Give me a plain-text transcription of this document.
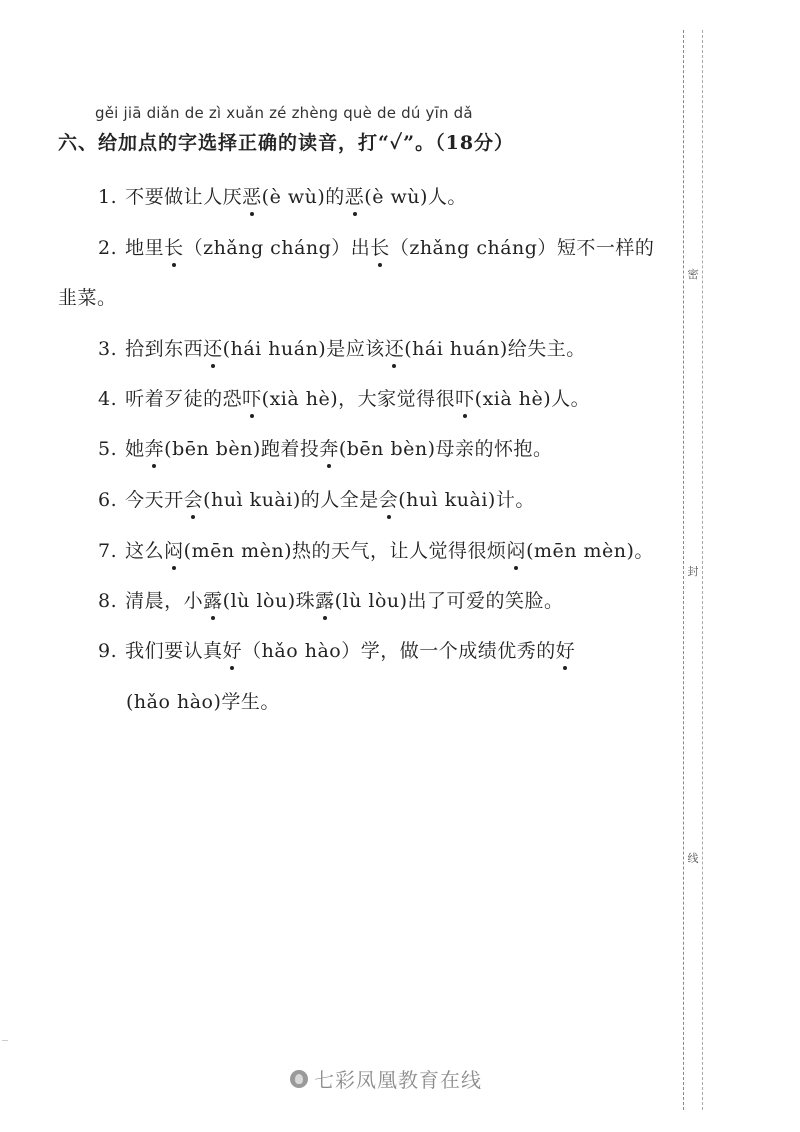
gěi jiā diǎn de zì xuǎn zé zhèng què de dú yīn dǎ
六、给加点的字选择正确的读音，打“✓”。（18分）
1. 不要做让人厌恶(è wù)的恶(è wù)人。
2. 地里长（zhǎng cháng）出长（zhǎng cháng）短不一样的
韭菜。
3. 拾到东西还(hái huán)是应该还(hái huán)给失主。
4. 听着歹徒的恐吓(xià hè)，大家觉得很吓(xià hè)人。
5. 她奔(bēn bèn)跑着投奔(bēn bèn)母亲的怀抱。
6. 今天开会(huì kuài)的人全是会(huì kuài)计。
7. 这么闷(mēn mèn)热的天气，让人觉得很烦闷(mēn mèn)。
8. 清晨，小露(lù lòu)珠露(lù lòu)出了可爱的笑脸。
9. 我们要认真好（hǎo hào）学，做一个成绩优秀的好
(hǎo hào)学生。
密
封
线
七彩凤凰教育在线
